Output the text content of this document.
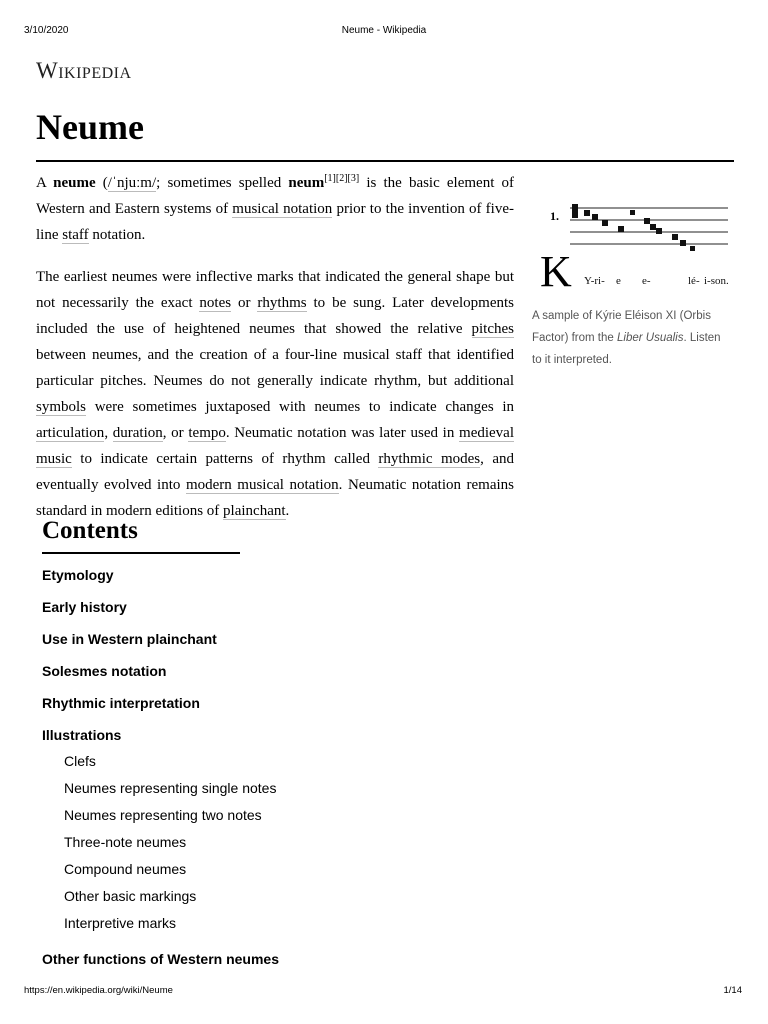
3/10/2020	Neume - Wikipedia
Wikipedia
Neume

A neume (/ˈnjuːm/; sometimes spelled neum[1][2][3] is the basic element of Western and Eastern systems of musical notation prior to the invention of five-line staff notation.

The earliest neumes were inflective marks that indicated the general shape but not necessarily the exact notes or rhythms to be sung. Later developments included the use of heightened neumes that showed the relative pitches between neumes, and the creation of a four-line musical staff that identified particular pitches. Neumes do not generally indicate rhythm, but additional symbols were sometimes juxtaposed with neumes to indicate changes in articulation, duration, or tempo. Neumatic notation was later used in medieval music to indicate certain patterns of rhythm called rhythmic modes, and eventually evolved into modern musical notation. Neumatic notation remains standard in modern editions of plainchant.

1.
K Y-ri- e e-	lé- i-son.
A sample of Kýrie Eléison XI (Orbis Factor) from the Liber Usualis. Listen to it interpreted.
Contents
Etymology
Early history
Use in Western plainchant
Solesmes notation
Rhythmic interpretation
Illustrations
Clefs
Neumes representing single notes
Neumes representing two notes
Three-note neumes
Compound neumes
Other basic markings
Interpretive marks
Other functions of Western neumes
https://en.wikipedia.org/wiki/Neume	1/14
